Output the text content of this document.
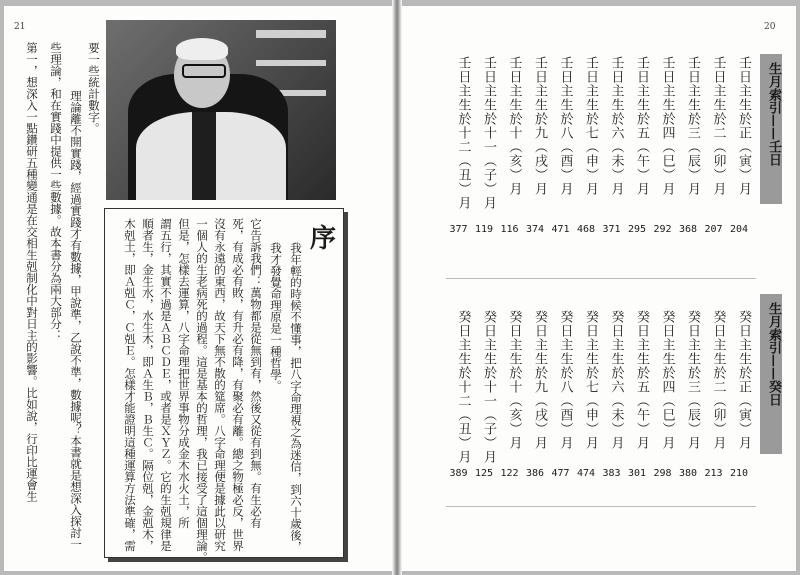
21
序
我年輕的時候不懂事，把八字命理視之為迷信，到六十歲後，
我才發覺命理原是一種哲學。
它告訴我們：萬物都是從無到有，然後又從有到無。有生必有
死，有成必有敗，有升必有降，有聚必有離。總之物極必反，世界
沒有永遠的東西，故天下無不散的筵席。八字命理便是據此以研究
一個人的生老病死的過程。這是基本的哲理，我已接受了這個理論。
但是，怎樣去運算，八字命理把世界事物分成金木水火土，所
謂五行，其實不過是ＡＢＣＤＥ，或者是ＸＹＺ。它的生剋規律是
順者生，金生水，水生木，即Ａ生Ｂ，Ｂ生Ｃ。隔位剋，金剋木，
木剋土，即Ａ剋Ｃ，Ｃ剋Ｅ。怎樣才能證明這種運算方法準確，需
要一些統計數字。
理論離不開實踐，經過實踐才有數據，甲說準，乙說不準，數據呢？本書就是想深入探討一
些理論，和在實踐中提供一些數據。故本書分為兩大部分：
第一，想深入一點鑽研五種變通是在交相生剋制化中對日主的影響。比如說，行印比運會生
20
生月索引——壬日
生月索引——癸日
壬日主生於正（寅）月
204
壬日主生於二（卯）月
207
壬日主生於三（辰）月
368
壬日主生於四（巳）月
292
壬日主生於五（午）月
295
壬日主生於六（未）月
371
壬日主生於七（申）月
468
壬日主生於八（酉）月
471
壬日主生於九（戌）月
374
壬日主生於十（亥）月
116
壬日主生於十一（子）月
119
壬日主生於十二（丑）月
377
癸日主生於正（寅）月
210
癸日主生於二（卯）月
213
癸日主生於三（辰）月
380
癸日主生於四（巳）月
298
癸日主生於五（午）月
301
癸日主生於六（未）月
383
癸日主生於七（申）月
474
癸日主生於八（酉）月
477
癸日主生於九（戌）月
386
癸日主生於十（亥）月
122
癸日主生於十一（子）月
125
癸日主生於十二（丑）月
389
